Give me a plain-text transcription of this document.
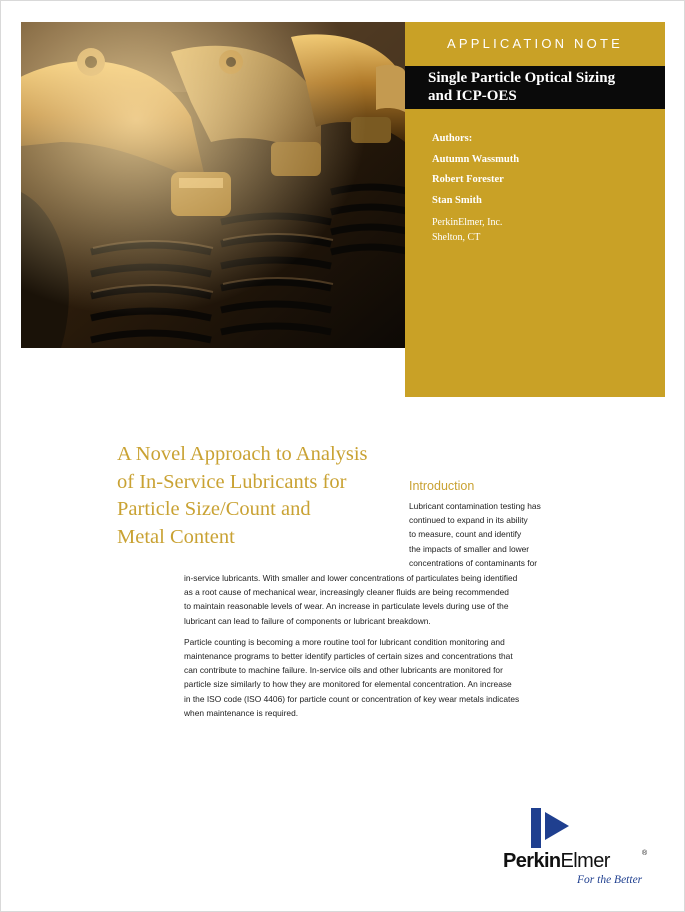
APPLICATION NOTE
Single Particle Optical Sizing
and ICP-OES
Authors:
Autumn Wassmuth
Robert Forester
Stan Smith
PerkinElmer, Inc.
Shelton, CT
A Novel Approach to Analysis
of In-Service Lubricants for
Particle Size/Count and
Metal Content
Introduction
Lubricant contamination testing has
continued to expand in its ability
to measure, count and identify
the impacts of smaller and lower
concentrations of contaminants for
in-service lubricants. With smaller and lower concentrations of particulates being identified
as a root cause of mechanical wear, increasingly cleaner fluids are being recommended
to maintain reasonable levels of wear. An increase in particulate levels during use of the
lubricant can lead to failure of components or lubricant breakdown.
Particle counting is becoming a more routine tool for lubricant condition monitoring and
maintenance programs to better identify particles of certain sizes and concentrations that
can contribute to machine failure. In-service oils and other lubricants are monitored for
particle size similarly to how they are monitored for elemental concentration. An increase
in the ISO code (ISO 4406) for particle count or concentration of key wear metals indicates
when maintenance is required.
PerkinElmer	®
For the Better
